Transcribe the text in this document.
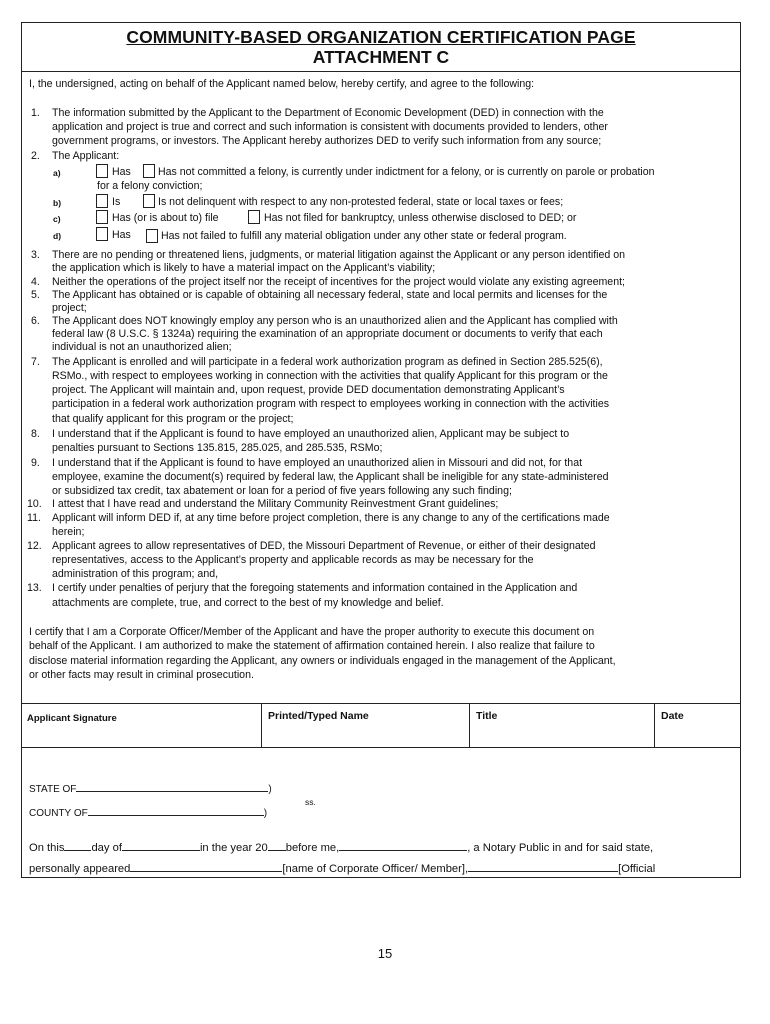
COMMUNITY-BASED ORGANIZATION CERTIFICATION PAGE
ATTACHMENT C
I, the undersigned, acting on behalf of the Applicant named below, hereby certify, and agree to the following:
1. The information submitted by the Applicant to the Department of Economic Development (DED) in connection with the
application and project is true and correct and such information is consistent with documents provided to lenders, other
government programs, or investors. The Applicant hereby authorizes DED to verify such information from any source;
2. The Applicant:
a)	Has	Has not committed a felony, is currently under indictment for a felony, or is currently on parole or probation
for a felony conviction;
b)	Is	Is not delinquent with respect to any non-protested federal, state or local taxes or fees;
c)	Has (or is about to) file	Has not filed for bankruptcy, unless otherwise disclosed to DED; or
d)	Has	Has not failed to fulfill any material obligation under any other state or federal program.
3. There are no pending or threatened liens, judgments, or material litigation against the Applicant or any person identified on
the application which is likely to have a material impact on the Applicant’s viability;
4. Neither the operations of the project itself nor the receipt of incentives for the project would violate any existing agreement;
5. The Applicant has obtained or is capable of obtaining all necessary federal, state and local permits and licenses for the
project;
6. The Applicant does NOT knowingly employ any person who is an unauthorized alien and the Applicant has complied with
federal law (8 U.S.C. § 1324a) requiring the examination of an appropriate document or documents to verify that each
individual is not an unauthorized alien;
7. The Applicant is enrolled and will participate in a federal work authorization program as defined in Section 285.525(6),
RSMo., with respect to employees working in connection with the activities that qualify Applicant for this program or the
project. The Applicant will maintain and, upon request, provide DED documentation demonstrating Applicant’s
participation in a federal work authorization program with respect to employees working in connection with the activities
that qualify applicant for this program or the project;
8. I understand that if the Applicant is found to have employed an unauthorized alien, Applicant may be subject to
penalties pursuant to Sections 135.815, 285.025, and 285.535, RSMo;
9. I understand that if the Applicant is found to have employed an unauthorized alien in Missouri and did not, for that
employee, examine the document(s) required by federal law, the Applicant shall be ineligible for any state-administered
or subsidized tax credit, tax abatement or loan for a period of five years following any such finding;
10. I attest that I have read and understand the Military Community Reinvestment Grant guidelines;
11. Applicant will inform DED if, at any time before project completion, there is any change to any of the certifications made
herein;
12. Applicant agrees to allow representatives of DED, the Missouri Department of Revenue, or either of their designated
representatives, access to the Applicant’s property and applicable records as may be necessary for the
administration of this program; and,
13. I certify under penalties of perjury that the foregoing statements and information contained in the Application and
attachments are complete, true, and correct to the best of my knowledge and belief.
I certify that I am a Corporate Officer/Member of the Applicant and have the proper authority to execute this document on
behalf of the Applicant. I am authorized to make the statement of affirmation contained herein. I also realize that failure to
disclose material information regarding the Applicant, any owners or individuals engaged in the management of the Applicant,
or other facts may result in criminal prosecution.
Applicant Signature	Printed/Typed Name	Title	Date
STATE OF	)
ss.
COUNTY OF	)
On this day of	in the year 20 before me,	, a Notary Public in and for said state,
personally appeared	[name of Corporate Officer/ Member],	[Official
15
